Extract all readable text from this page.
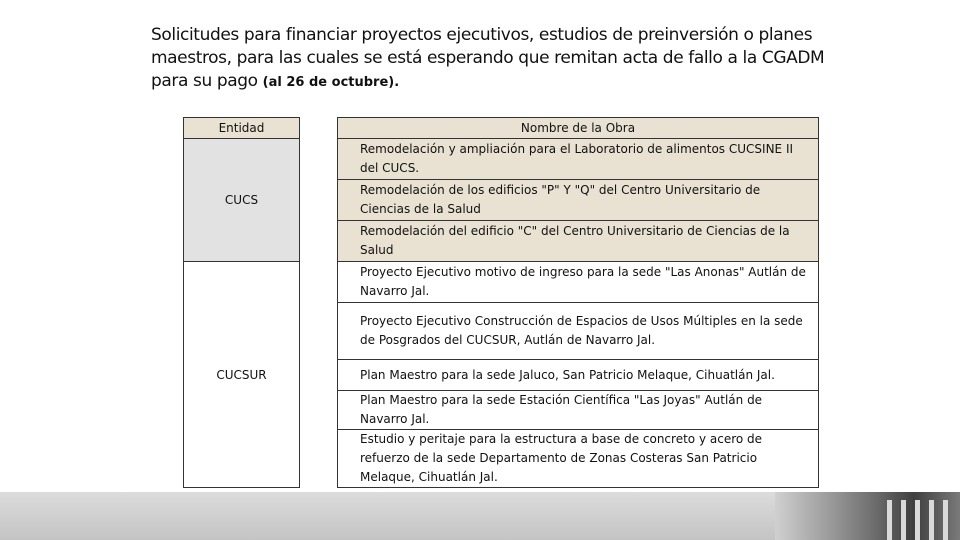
Solicitudes para financiar proyectos ejecutivos, estudios de preinversión o planes maestros, para las cuales se está esperando que remitan acta de fallo a la CGADM para su pago (al 26 de octubre).

Entidad		Nombre de la Obra
CUCS		Remodelación y ampliación para el Laboratorio de alimentos CUCSINE II del CUCS.
		Remodelación de los edificios "P" Y "Q" del Centro Universitario de Ciencias de la Salud
		Remodelación del edificio "C" del Centro Universitario de Ciencias de la Salud
CUCSUR		Proyecto Ejecutivo motivo de ingreso para la sede "Las Anonas" Autlán de Navarro Jal.
		Proyecto Ejecutivo Construcción de Espacios de Usos Múltiples en la sede de Posgrados del CUCSUR, Autlán de Navarro Jal.
		Plan Maestro para la sede Jaluco, San Patricio Melaque, Cihuatlán Jal.
		Plan Maestro para la sede Estación Científica "Las Joyas" Autlán de Navarro Jal.
		Estudio y peritaje para la estructura a base de concreto y acero de refuerzo de la sede Departamento de Zonas Costeras San Patricio Melaque, Cihuatlán Jal.
